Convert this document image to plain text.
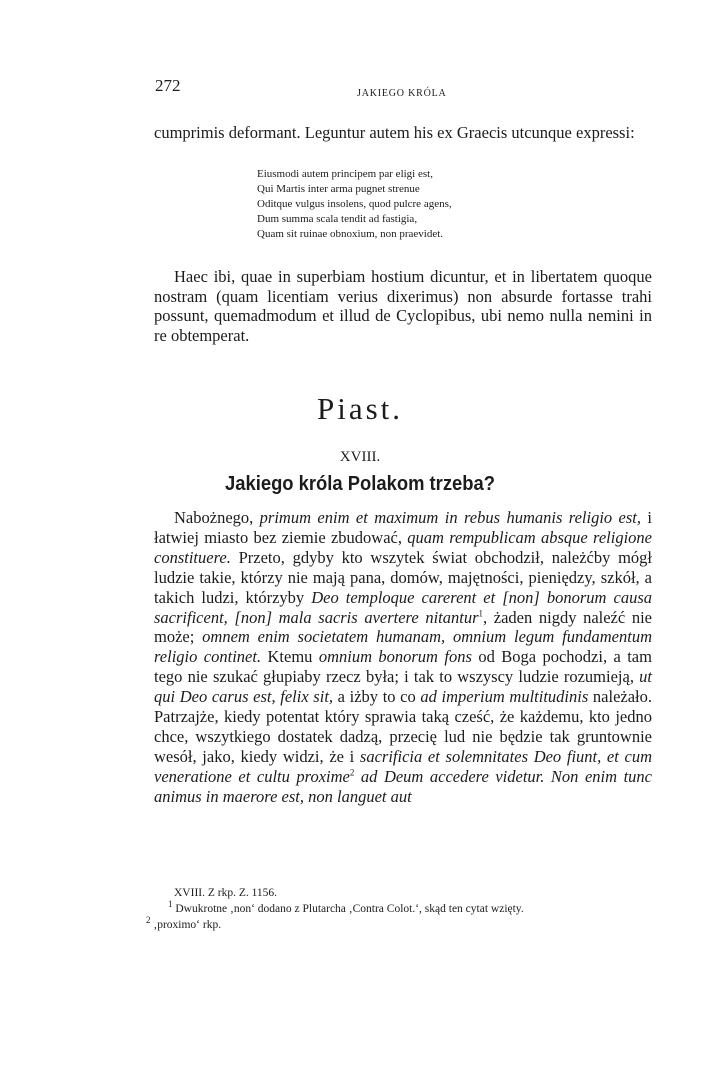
272	JAKIEGO KRÓLA

cumprimis deformant. Leguntur autem his ex Graecis utcunque expressi:

Eiusmodi autem principem par eligi est,
Qui Martis inter arma pugnet strenue
Oditque vulgus insolens, quod pulcre agens,
Dum summa scala tendit ad fastigia,
Quam sit ruinae obnoxium, non praevidet.

Haec ibi, quae in superbiam hostium dicuntur, et in libertatem quoque nostram (quam licentiam verius dixerimus) non absurde fortasse trahi possunt, quemadmodum et illud de Cyclopibus, ubi nemo nulla nemini in re obtemperat.

Piast.
XVIII.
Jakiego króla Polakom trzeba?

Nabożnego, primum enim et maximum in rebus humanis religio est, i łatwiej miasto bez ziemie zbudować, quam rempublicam absque religione constituere. Przeto, gdyby kto wszytek świat obchodził, należćby mógł ludzie takie, którzy nie mają pana, domów, majętności, pieniędzy, szkół, a takich ludzi, którzyby Deo temploque carerent et [non] bonorum causa sacrificent, [non] mala sacris avertere nitantur$^1$, żaden nigdy naleźć nie może; omnem enim societatem humanam, omnium legum fundamentum religio continet. Ktemu omnium bonorum fons od Boga pochodzi, a tam tego nie szukać głupiaby rzecz była; i tak to wszyscy ludzie rozumieją, ut qui Deo carus est, felix sit, a iżby to co ad imperium multitudinis należało. Patrzajże, kiedy potentat który sprawia taką cześć, że każdemu, kto jedno chce, wszytkiego dostatek dadzą, przecię lud nie będzie tak gruntownie wesół, jako, kiedy widzi, że i sacrificia et solemnitates Deo fiunt, et cum veneratione et cultu proxime$^2$ ad Deum accedere videtur. Non enim tunc animus in maerore est, non languet aut

XVIII. Z rkp. Z. 1156.
$^1$ Dwukrotne ‚non‘ dodano z Plutarcha ‚Contra Colot.‘, skąd ten cytat wzięty.
$^2$ ‚proximo‘ rkp.
